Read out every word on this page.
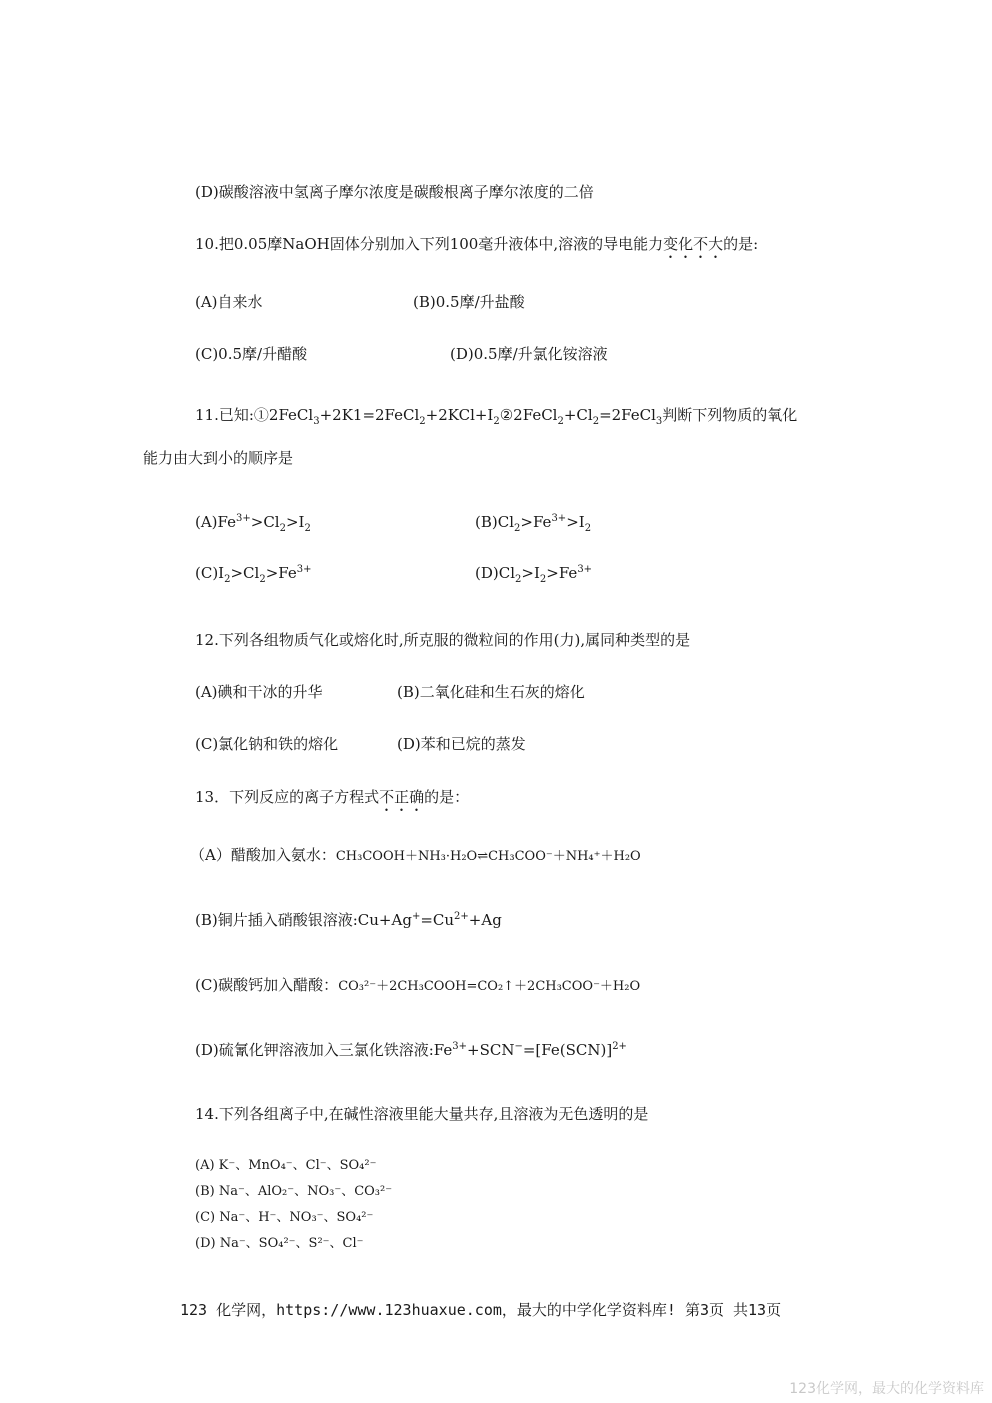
(D)碳酸溶液中氢离子摩尔浓度是碳酸根离子摩尔浓度的二倍
10.把0.05摩NaOH固体分别加入下列100毫升液体中,溶液的导电能力变化不大的是:
(A)自来水	(B)0.5摩/升盐酸
(C)0.5摩/升醋酸	(D)0.5摩/升氯化铵溶液
11.已知$:①2FeCl_3+2K1=2FeCl_2+2KCl+I_2②2FeCl_2+Cl_2=2FeCl_3$判断下列物质的氧化
能力由大到小的顺序是
$(A)Fe^{3+}>Cl_2>I_2$	$(B)Cl_2>Fe^{3+}>I_2$
$(C)I_2>Cl_2>Fe^{3+}$	$(D)Cl_2>I_2>Fe^{3+}$
12.下列各组物质气化或熔化时,所克服的微粒间的作用(力),属同种类型的是
(A)碘和干冰的升华	(B)二氧化硅和生石灰的熔化
(C)氯化钠和铁的熔化	(D)苯和已烷的蒸发
13．下列反应的离子方程式不正确的是：
（A）醋酸加入氨水：CH₃COOH＋NH₃·H₂O⇌CH₃COO⁻＋NH₄⁺＋H₂O
(B)铜片插入硝酸银溶液$:Cu+Ag^+=Cu^{2+}+Ag$
(C)碳酸钙加入醋酸：CO₃²⁻＋2CH₃COOH=CO₂↑＋2CH₃COO⁻＋H₂O
(D)硫氰化钾溶液加入三氯化铁溶液$:Fe^{3+}+SCN^-=[Fe(SCN)]^{2+}$
14.下列各组离子中,在碱性溶液里能大量共存,且溶液为无色透明的是
(A) K⁻、MnO₄⁻、Cl⁻、SO₄²⁻
(B) Na⁻、AlO₂⁻、NO₃⁻、CO₃²⁻
(C) Na⁻、H⁻、NO₃⁻、SO₄²⁻
(D) Na⁻、SO₄²⁻、S²⁻、Cl⁻
123 化学网，https://www.123huaxue.com，最大的中学化学资料库! 第3页 共13页
123化学网，最大的化学资料库
